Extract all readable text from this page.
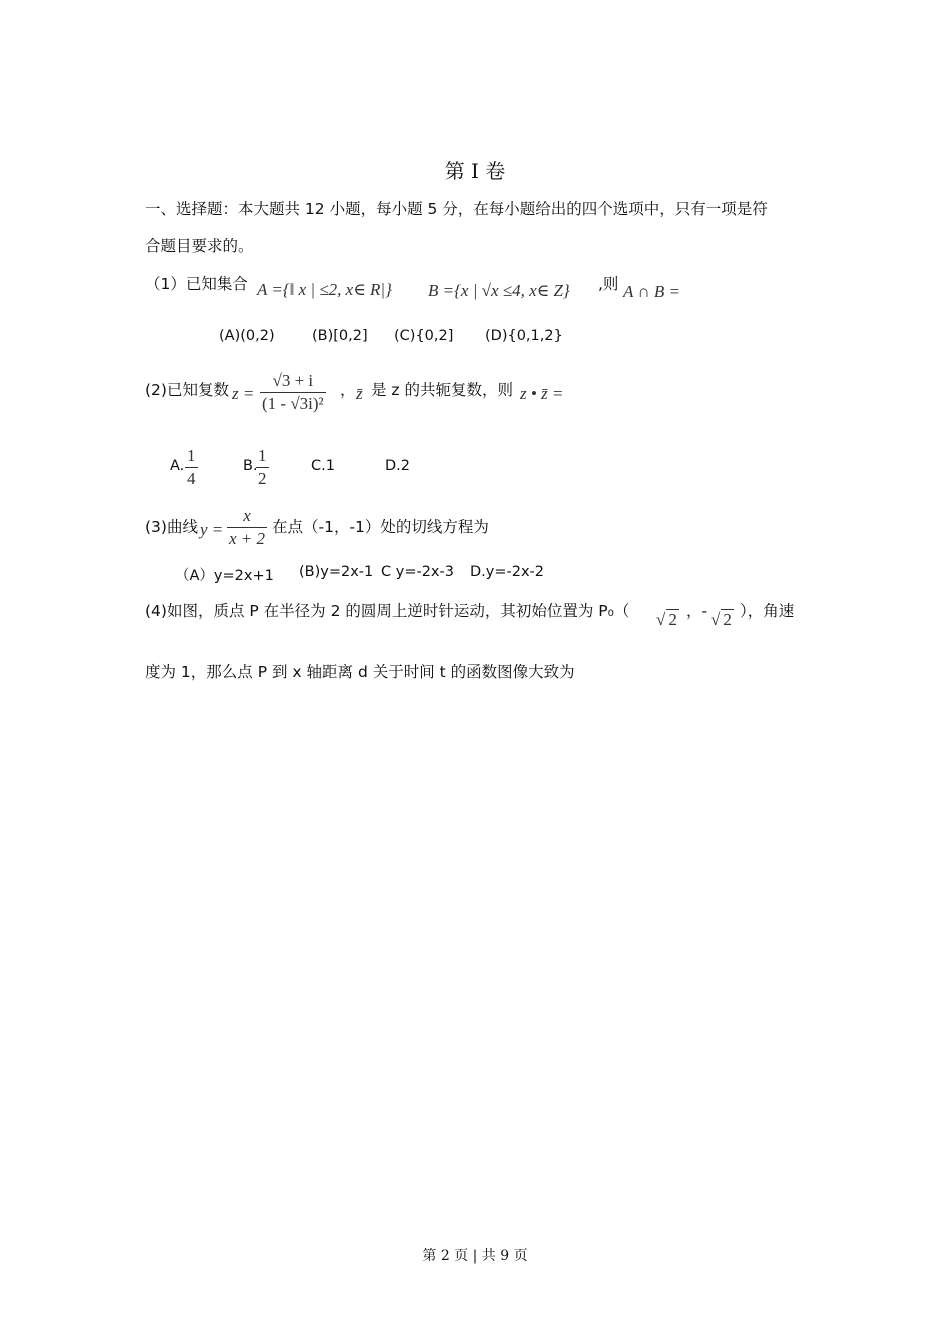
第 I 卷
一、选择题：本大题共 12 小题，每小题 5 分，在每小题给出的四个选项中，只有一项是符
合题目要求的。
（1）已知集合 A ={‖ x | ≤2, x∈ R|} B ={x | √x ≤4, x∈ Z} ,则 A ∩ B =
(A)(0,2)	(B)[0,2] (C){0,2] (D){0,1,2}
(2)已知复数 $z = \frac{√3 + i}{\text{(1 - √3i)²}}$ ， z̄ 是 z 的共轭复数，则 z • z̄ =
A. $\frac{1}{4}$	B.
$\frac{1}{2}$	C.1	D.2
(3)曲线 $y = \frac{x}{x + 2}$ 在点（-1，-1）处的切线方程为
（A）y=2x+1 (B)y=2x-1 C y=-2x-3 D.y=-2x-2
(4)如图，质点 P 在半径为 2 的圆周上逆时针运动，其初始位置为 P₀（ √ 2 ，- √ 2 ），角速
度为 1，那么点 P 到 x 轴距离 d 关于时间 t 的函数图像大致为
第 2 页 | 共 9 页
